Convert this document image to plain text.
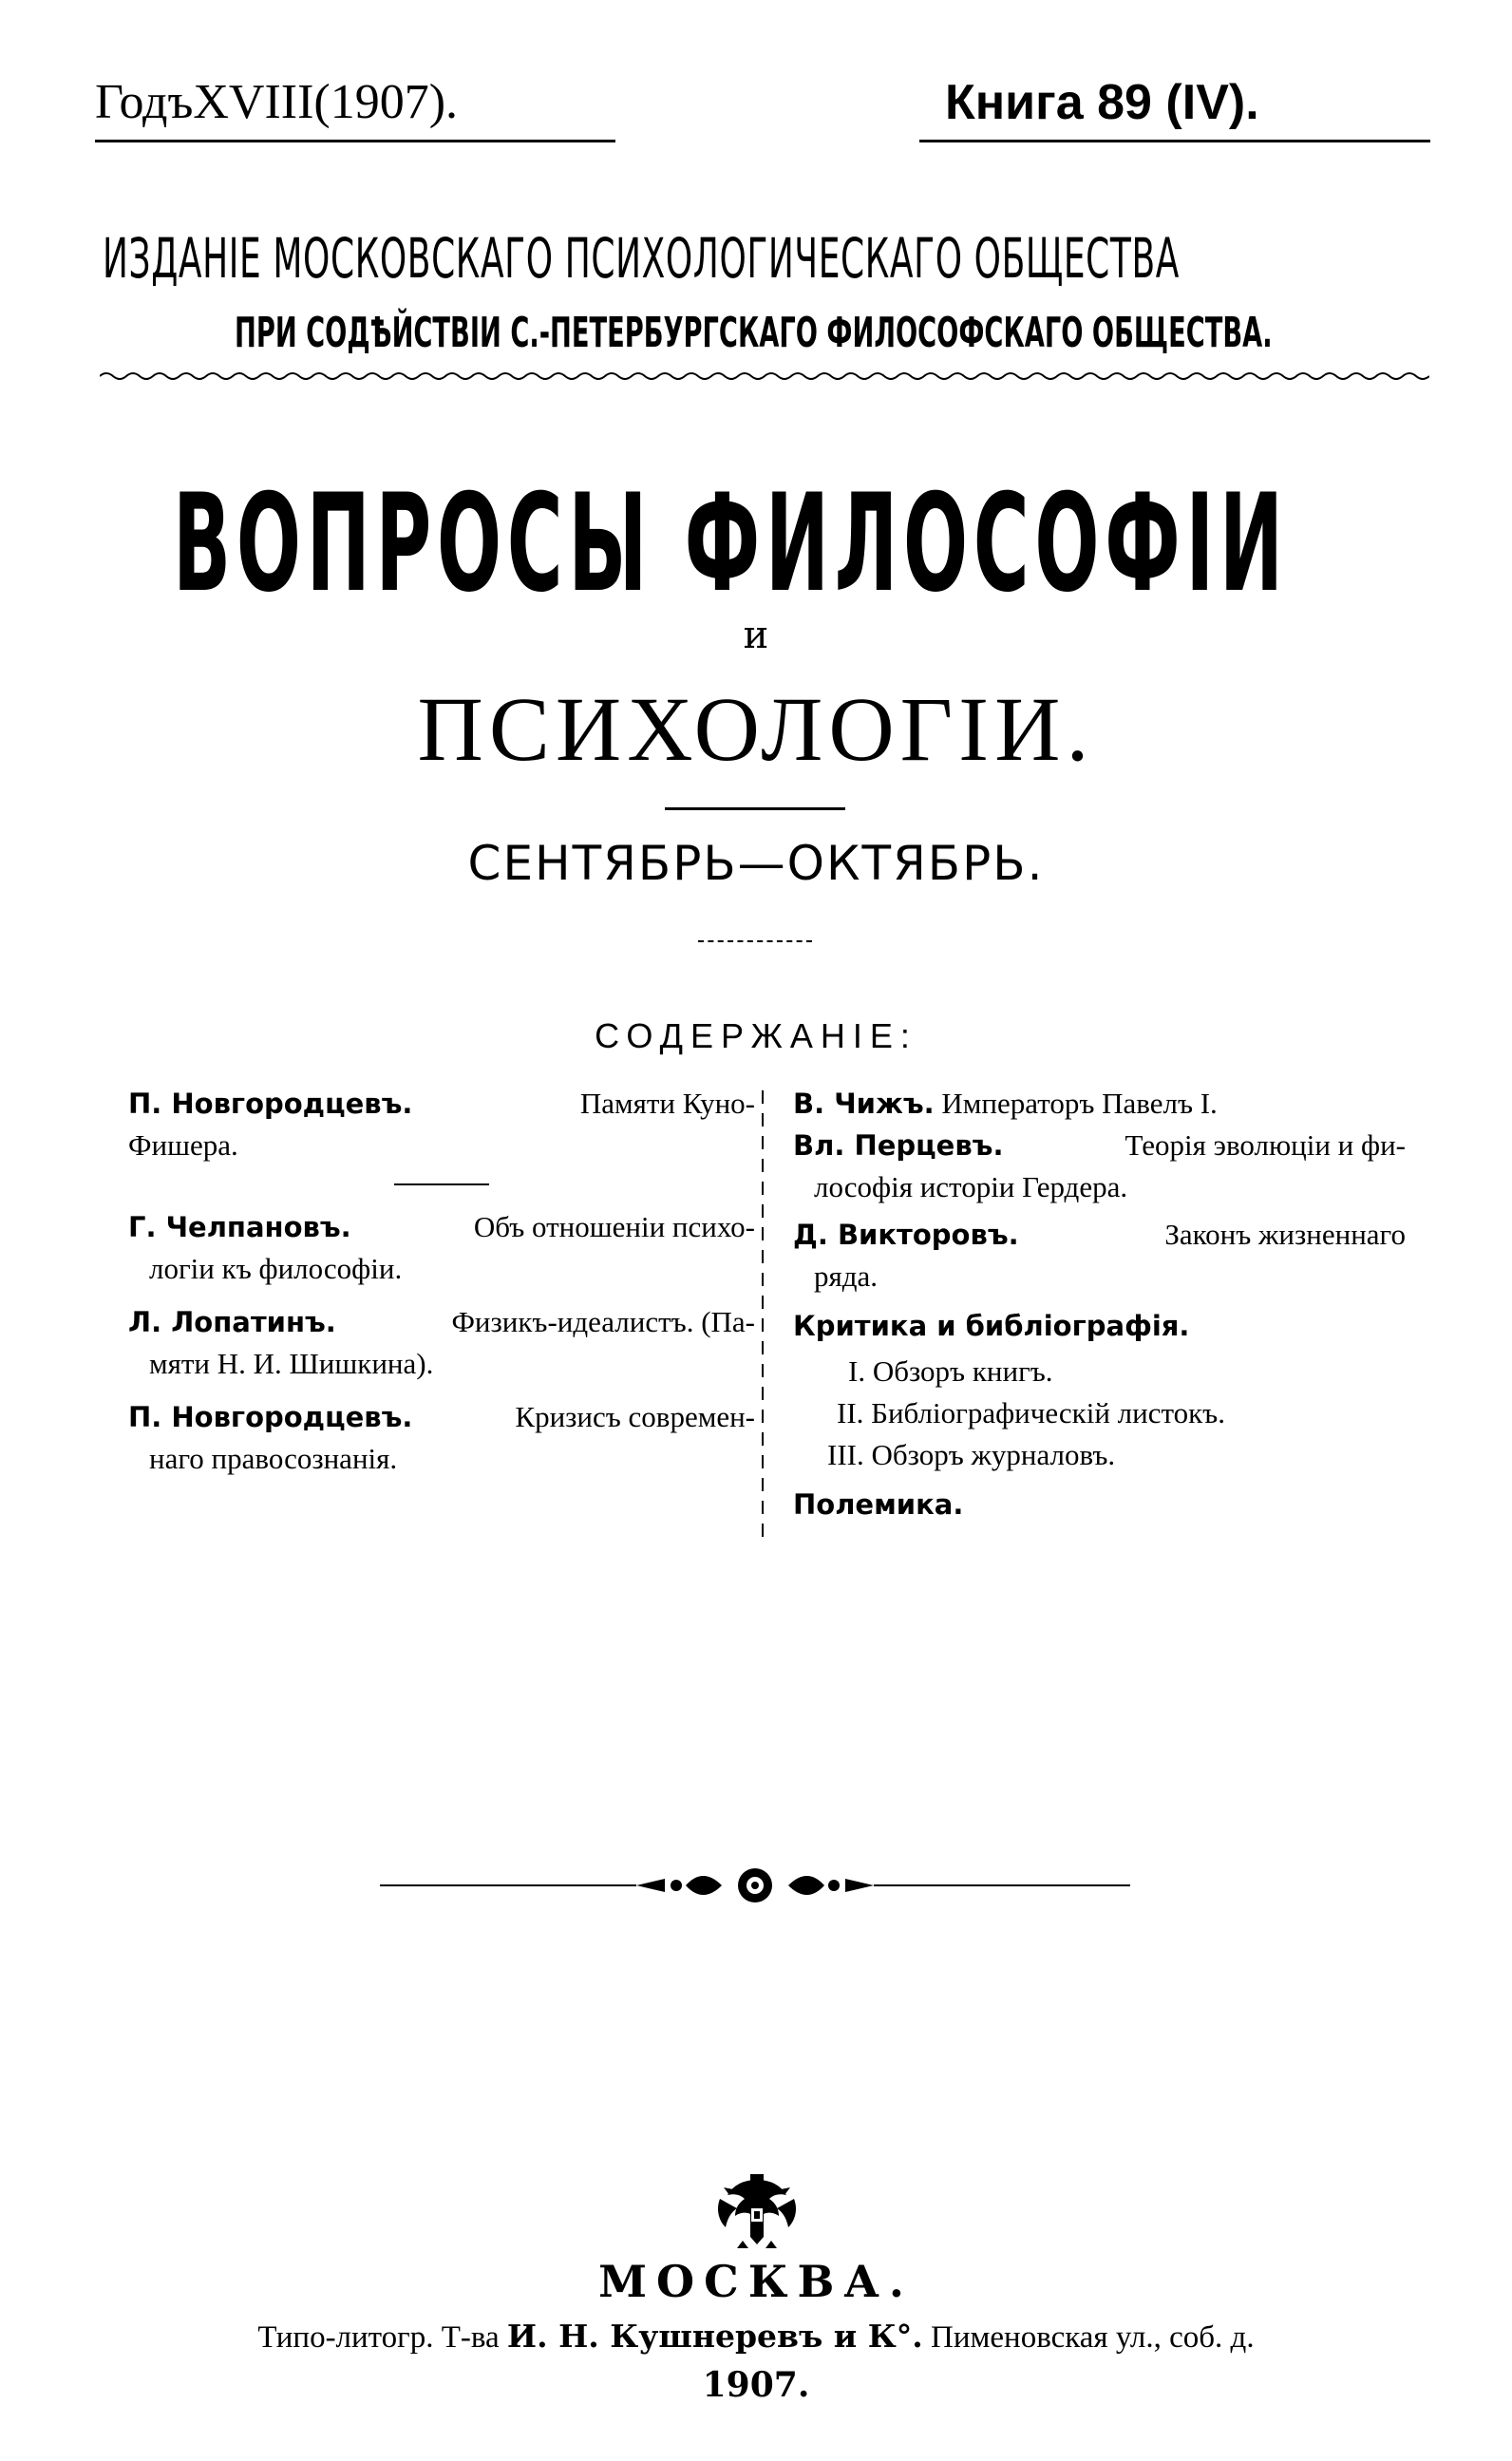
ГодъXVIII(1907).	Книга 89 (IV).
ИЗДАНІЕ МОСКОВСКАГО ПСИХОЛОГИЧЕСКАГО ОБЩЕСТВА
ПРИ СОДѢЙСТВІИ С.-ПЕТЕРБУРГСКАГО ФИЛОСОФСКАГО ОБЩЕСТВА.
ВОПРОСЫ ФИЛОСОФІИ
и
ПСИХОЛОГІИ.
СЕНТЯБРЬ—ОКТЯБРЬ.
СОДЕРЖАНІЕ:
П. Новгородцевъ.	Памяти Куно-
Фишера.
Г. Челпановъ.	Объ отношеніи психо-
логіи къ философіи.
Л. Лопатинъ.	Физикъ-идеалистъ. (Па-
мяти Н. И. Шишкина).
П. Новгородцевъ.	Кризисъ современ-
наго правосознанія.
В. Чижъ. Императоръ Павелъ I.
Вл. Перцевъ.	Теорія эволюціи и фи-
лософія исторіи Гердера.
Д. Викторовъ.	Законъ жизненнаго
ряда.
Критика и библіографія.
I. Обзоръ книгъ.
II. Библіографическій листокъ.
III. Обзоръ журналовъ.
Полемика.
МОСКВА.
Типо-литогр. Т-ва И. Н. Кушнеревъ и К°. Пименовская ул., соб. д.
1907.
